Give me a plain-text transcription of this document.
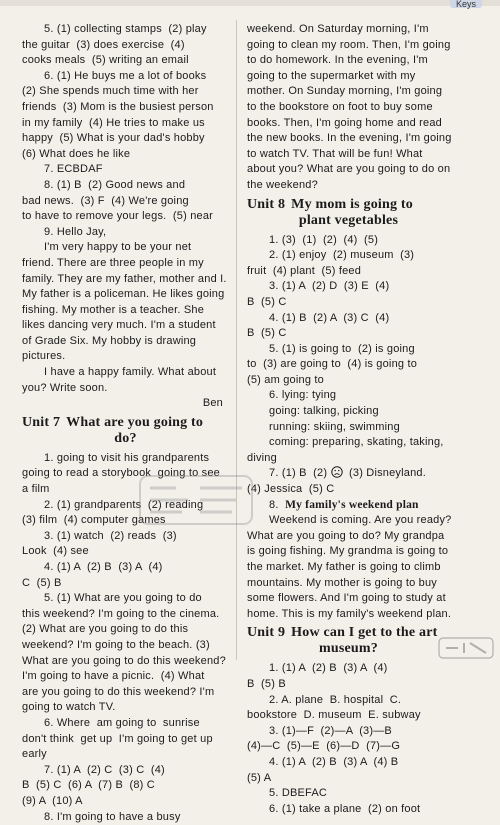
Keys
5. (1) collecting stamps  (2) play
the guitar  (3) does exercise  (4)
cooks meals  (5) writing an email
6. (1) He buys me a lot of books
(2) She spends much time with her
friends  (3) Mom is the busiest person
in my family  (4) He tries to make us
happy  (5) What is your dad's hobby
(6) What does he like
7. ECBDAF
8. (1) B  (2) Good news and
bad news.  (3) F  (4) We're going
to have to remove your legs.  (5) near
9. Hello Jay,
I'm very happy to be your net
friend. There are three people in my
family. They are my father, mother and I.
My father is a policeman. He likes going
fishing. My mother is a teacher. She
likes dancing very much. I'm a student
of Grade Six. My hobby is drawing
pictures.
I have a happy family. What about
you? Write soon.
Ben
Unit 7 What are you going to
do?
1. going to visit his grandparents
going to read a storybook  going to see
a film
2. (1) grandparents  (2) reading
(3) film  (4) computer games
3. (1) watch  (2) reads  (3)
Look  (4) see
4. (1) A  (2) B  (3) A  (4)
C  (5) B
5. (1) What are you going to do
this weekend? I'm going to the cinema.
(2) What are you going to do this
weekend? I'm going to the beach. (3)
What are you going to do this weekend?
I'm going to have a picnic.  (4) What
are you going to do this weekend? I'm
going to watch TV.
6. Where  am going to  sunrise
don't think  get up  I'm going to get up
early
7. (1) A  (2) C  (3) C  (4)
B  (5) C  (6) A  (7) B  (8) C
(9) A  (10) A
8. I'm going to have a busy
weekend. On Saturday morning, I'm
going to clean my room. Then, I'm going
to do homework. In the evening, I'm
going to the supermarket with my
mother. On Sunday morning, I'm going
to the bookstore on foot to buy some
books. Then, I'm going home and read
the new books. In the evening, I'm going
to watch TV. That will be fun! What
about you? What are you going to do on
the weekend?
Unit 8 My mom is going to
plant vegetables
1. (3)  (1)  (2)  (4)  (5)
2. (1) enjoy  (2) museum  (3)
fruit  (4) plant  (5) feed
3. (1) A  (2) D  (3) E  (4)
B  (5) C
4. (1) B  (2) A  (3) C  (4)
B  (5) C
5. (1) is going to  (2) is going
to  (3) are going to  (4) is going to
(5) am going to
6. lying: tying
going: talking, picking
running: skiing, swimming
coming: preparing, skating, taking,
diving
7. (1) B  (2)   (3) Disneyland.
(4) Jessica  (5) C
8. My family's weekend plan
Weekend is coming. Are you ready?
What are you going to do? My grandpa
is going fishing. My grandma is going to
the market. My father is going to climb
mountains. My mother is going to buy
some flowers. And I'm going to study at
home. This is my family's weekend plan.
Unit 9 How can I get to the art
museum?
1. (1) A  (2) B  (3) A  (4)
B  (5) B
2. A. plane  B. hospital  C.
bookstore  D. museum  E. subway
3. (1)—F  (2)—A  (3)—B
(4)—C  (5)—E  (6)—D  (7)—G
4. (1) A  (2) B  (3) A  (4) B
(5) A
5. DBEFAC
6. (1) take a plane  (2) on foot
